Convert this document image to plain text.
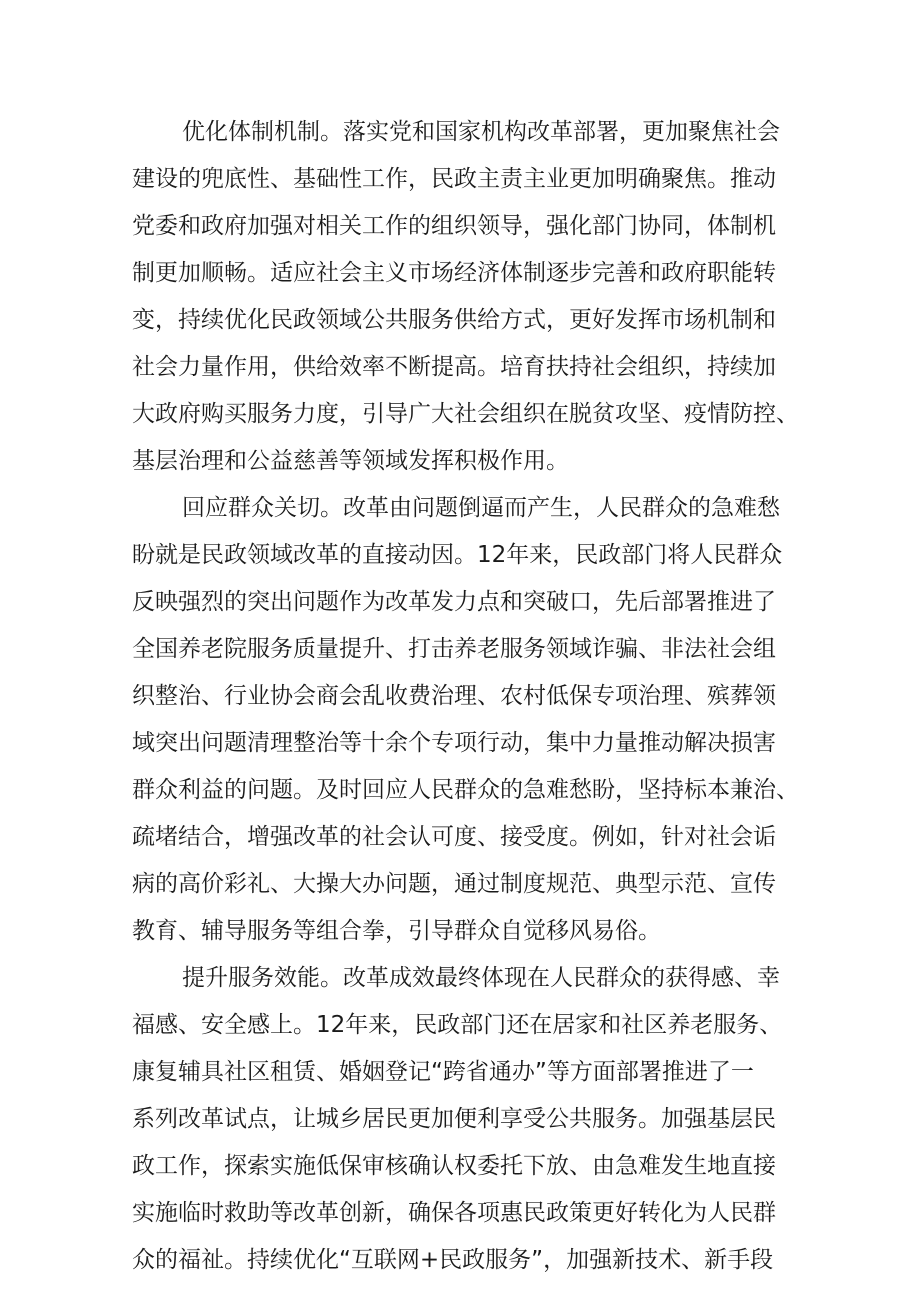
优化体制机制。落实党和国家机构改革部署，更加聚焦社会
建设的兜底性、基础性工作，民政主责主业更加明确聚焦。推动
党委和政府加强对相关工作的组织领导，强化部门协同，体制机
制更加顺畅。适应社会主义市场经济体制逐步完善和政府职能转
变，持续优化民政领域公共服务供给方式，更好发挥市场机制和
社会力量作用，供给效率不断提高。培育扶持社会组织，持续加
大政府购买服务力度，引导广大社会组织在脱贫攻坚、疫情防控、
基层治理和公益慈善等领域发挥积极作用。
回应群众关切。改革由问题倒逼而产生，人民群众的急难愁
盼就是民政领域改革的直接动因。12年来，民政部门将人民群众
反映强烈的突出问题作为改革发力点和突破口，先后部署推进了
全国养老院服务质量提升、打击养老服务领域诈骗、非法社会组
织整治、行业协会商会乱收费治理、农村低保专项治理、殡葬领
域突出问题清理整治等十余个专项行动，集中力量推动解决损害
群众利益的问题。及时回应人民群众的急难愁盼，坚持标本兼治、
疏堵结合，增强改革的社会认可度、接受度。例如，针对社会诟
病的高价彩礼、大操大办问题，通过制度规范、典型示范、宣传
教育、辅导服务等组合拳，引导群众自觉移风易俗。
提升服务效能。改革成效最终体现在人民群众的获得感、幸
福感、安全感上。12年来，民政部门还在居家和社区养老服务、
康复辅具社区租赁、婚姻登记“跨省通办”等方面部署推进了一
系列改革试点，让城乡居民更加便利享受公共服务。加强基层民
政工作，探索实施低保审核确认权委托下放、由急难发生地直接
实施临时救助等改革创新，确保各项惠民政策更好转化为人民群
众的福祉。持续优化“互联网+民政服务”，加强新技术、新手段
